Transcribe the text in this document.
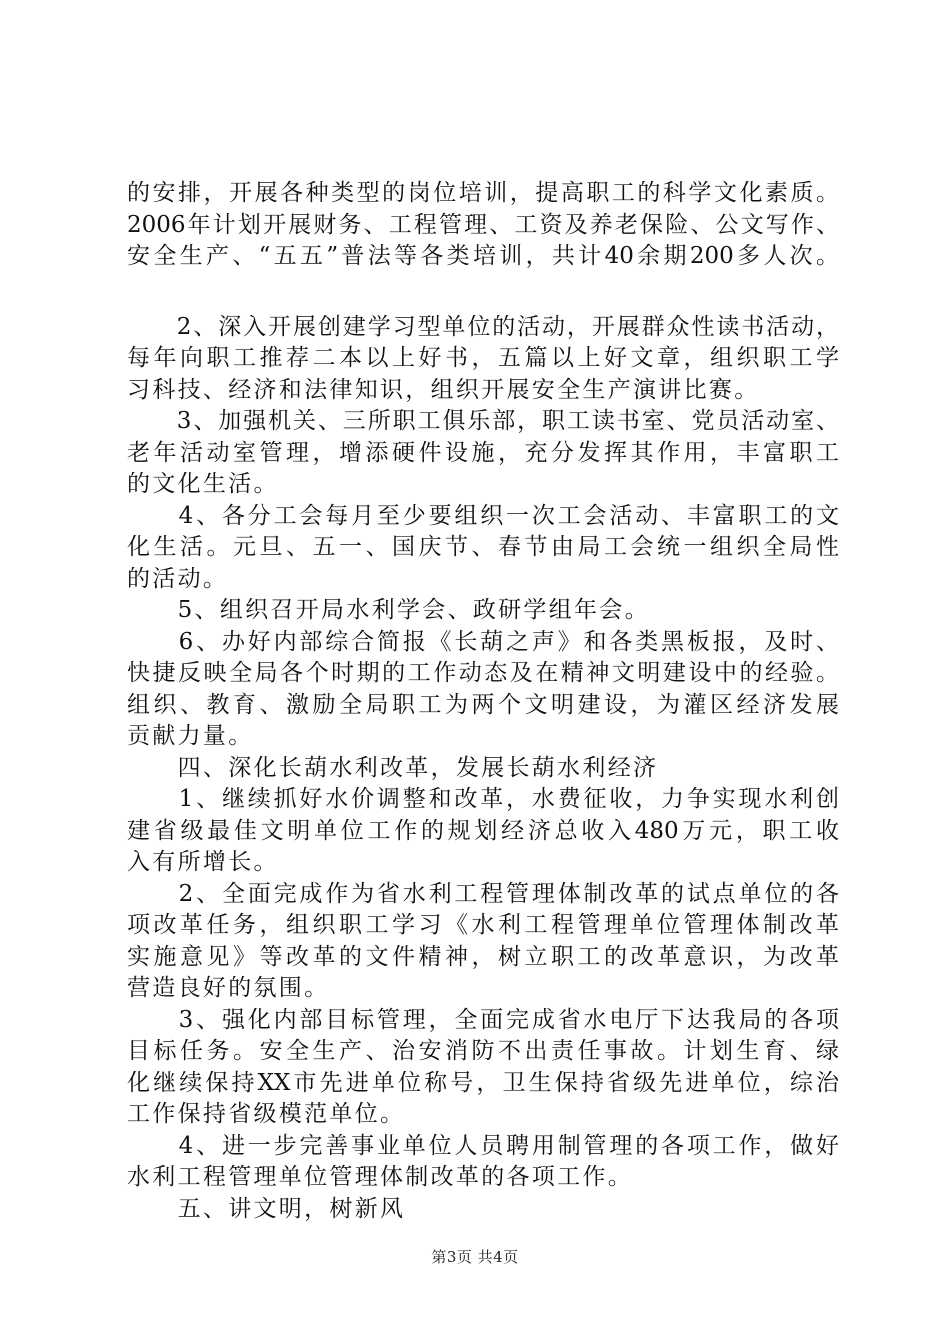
的安排，开展各种类型的岗位培训，提高职工的科学文化素质。
2006年计划开展财务、工程管理、工资及养老保险、公文写作、
安全生产、“五五”普法等各类培训，共计40余期200多人次。
　　2、深入开展创建学习型单位的活动，开展群众性读书活动，
每年向职工推荐二本以上好书，五篇以上好文章，组织职工学
习科技、经济和法律知识，组织开展安全生产演讲比赛。
　　3、加强机关、三所职工俱乐部，职工读书室、党员活动室、
老年活动室管理，增添硬件设施，充分发挥其作用，丰富职工
的文化生活。
　　4、各分工会每月至少要组织一次工会活动、丰富职工的文
化生活。元旦、五一、国庆节、春节由局工会统一组织全局性
的活动。
　　5、组织召开局水利学会、政研学组年会。
　　6、办好内部综合简报《长葫之声》和各类黑板报，及时、
快捷反映全局各个时期的工作动态及在精神文明建设中的经验。
组织、教育、激励全局职工为两个文明建设，为灌区经济发展
贡献力量。
　　四、深化长葫水利改革，发展长葫水利经济
　　1、继续抓好水价调整和改革，水费征收，力争实现水利创
建省级最佳文明单位工作的规划经济总收入480万元，职工收
入有所增长。
　　2、全面完成作为省水利工程管理体制改革的试点单位的各
项改革任务，组织职工学习《水利工程管理单位管理体制改革
实施意见》等改革的文件精神，树立职工的改革意识，为改革
营造良好的氛围。
　　3、强化内部目标管理，全面完成省水电厅下达我局的各项
目标任务。安全生产、治安消防不出责任事故。计划生育、绿
化继续保持XX市先进单位称号，卫生保持省级先进单位，综治
工作保持省级模范单位。
　　4、进一步完善事业单位人员聘用制管理的各项工作，做好
水利工程管理单位管理体制改革的各项工作。
　　五、讲文明，树新风
第3页 共4页
